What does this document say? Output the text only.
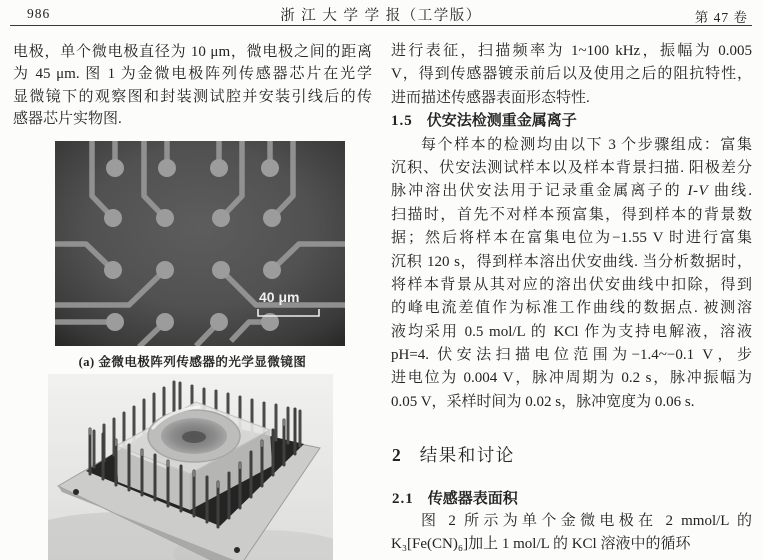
986	浙 江 大 学 学 报（工学版）	第 47 卷
电极，单个微电极直径为 10 μm，微电极之间的距离
为 45 μm. 图 1 为金微电极阵列传感器芯片在光学
显微镜下的观察图和封装测试腔并安装引线后的传
感器芯片实物图.
40 μm
(a) 金微电极阵列传感器的光学显微镜图
进行表征，扫描频率为 1~100 kHz，振幅为 0.005
V，得到传感器镀汞前后以及使用之后的阻抗特性，
进而描述传感器表面形态特性.
1.5 伏安法检测重金属离子
每个样本的检测均由以下 3 个步骤组成：富集
沉积、伏安法测试样本以及样本背景扫描. 阳极差分
脉冲溶出伏安法用于记录重金属离子的 I-V 曲线.
扫描时，首先不对样本预富集，得到样本的背景数
据；然后将样本在富集电位为−1.55 V 时进行富集
沉积 120 s，得到样本溶出伏安曲线. 当分析数据时，
将样本背景从其对应的溶出伏安曲线中扣除，得到
的峰电流差值作为标准工作曲线的数据点. 被测溶
液均采用 0.5 mol/L 的 KCl 作为支持电解液，溶液
pH=4. 伏安法扫描电位范围为−1.4~−0.1 V，步
进电位为 0.004 V，脉冲周期为 0.2 s，脉冲振幅为
0.05 V，采样时间为 0.02 s，脉冲宽度为 0.06 s.
2 结果和讨论
2.1 传感器表面积
图 2 所示为单个金微电极在 2 mmol/L 的
K₃[Fe(CN)₆]加上 1 mol/L 的 KCl 溶液中的循环
